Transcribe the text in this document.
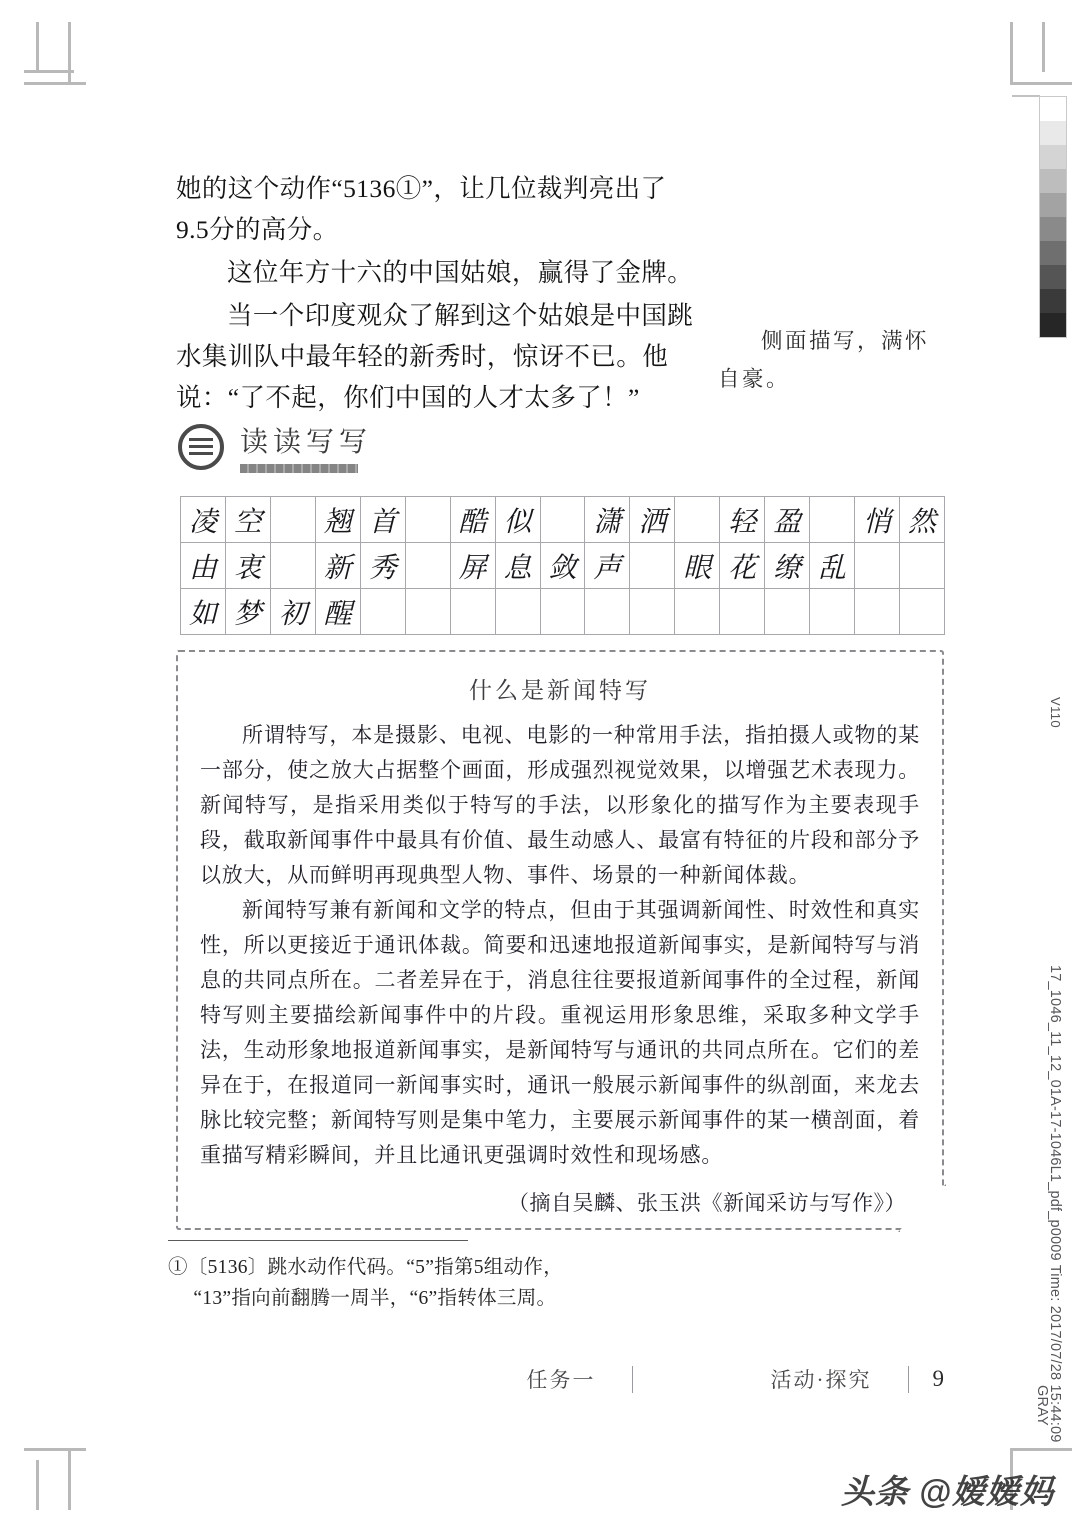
V110
17_1046_11_12_01A-17-1046L1_pdf_p0009 Time: 2017/07/28 15:44:09
GRAY

她的这个动作“5136①”，让几位裁判亮出了9.5分的高分。

这位年方十六的中国姑娘，赢得了金牌。

当一个印度观众了解到这个姑娘是中国跳水集训队中最年轻的新秀时，惊讶不已。他说：“了不起，你们中国的人才太多了！”

侧面描写，满怀自豪。
读读写写
凌	空		翘	首		酷	似		潇	洒		轻	盈		悄	然
由	衷		新	秀		屏	息	敛	声		眼	花	缭	乱		
如	梦	初	醒													
什么是新闻特写

所谓特写，本是摄影、电视、电影的一种常用手法，指拍摄人或物的某一部分，使之放大占据整个画面，形成强烈视觉效果，以增强艺术表现力。新闻特写，是指采用类似于特写的手法，以形象化的描写作为主要表现手段，截取新闻事件中最具有价值、最生动感人、最富有特征的片段和部分予以放大，从而鲜明再现典型人物、事件、场景的一种新闻体裁。

新闻特写兼有新闻和文学的特点，但由于其强调新闻性、时效性和真实性，所以更接近于通讯体裁。简要和迅速地报道新闻事实，是新闻特写与消息的共同点所在。二者差异在于，消息往往要报道新闻事件的全过程，新闻特写则主要描绘新闻事件中的片段。重视运用形象思维，采取多种文学手法，生动形象地报道新闻事实，是新闻特写与通讯的共同点所在。它们的差异在于，在报道同一新闻事实时，通讯一般展示新闻事件的纵剖面，来龙去脉比较完整；新闻特写则是集中笔力，主要展示新闻事件的某一横剖面，着重描写精彩瞬间，并且比通讯更强调时效性和现场感。

（摘自吴麟、张玉洪《新闻采访与写作》）
①〔5136〕跳水动作代码。“5”指第5组动作，
“13”指向前翻腾一周半，“6”指转体三周。
任务一	活动·探究	9
头条 @嫒嫒妈
